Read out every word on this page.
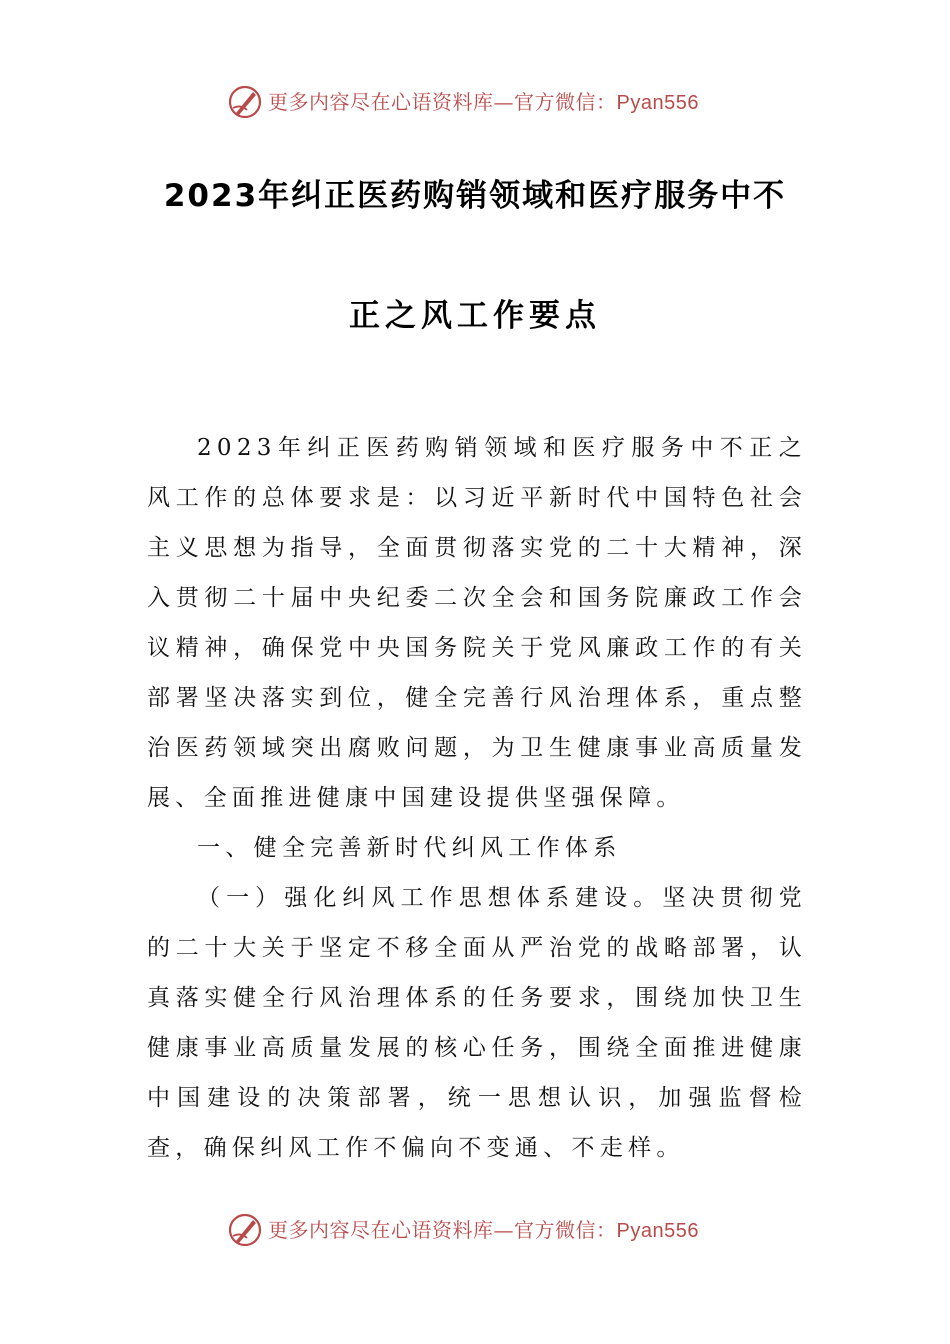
更多内容尽在心语资料库—官方微信：Pyan556
2023年纠正医药购销领域和医疗服务中不
正之风工作要点

2023年纠正医药购销领域和医疗服务中不正之风工作的总体要求是：以习近平新时代中国特色社会主义思想为指导，全面贯彻落实党的二十大精神，深入贯彻二十届中央纪委二次全会和国务院廉政工作会议精神，确保党中央国务院关于党风廉政工作的有关部署坚决落实到位，健全完善行风治理体系，重点整治医药领域突出腐败问题，为卫生健康事业高质量发展、全面推进健康中国建设提供坚强保障。

一、健全完善新时代纠风工作体系

（一）强化纠风工作思想体系建设。坚决贯彻党的二十大关于坚定不移全面从严治党的战略部署，认真落实健全行风治理体系的任务要求，围绕加快卫生健康事业高质量发展的核心任务，围绕全面推进健康中国建设的决策部署，统一思想认识，加强监督检查，确保纠风工作不偏向不变通、不走样。

更多内容尽在心语资料库—官方微信：Pyan556
